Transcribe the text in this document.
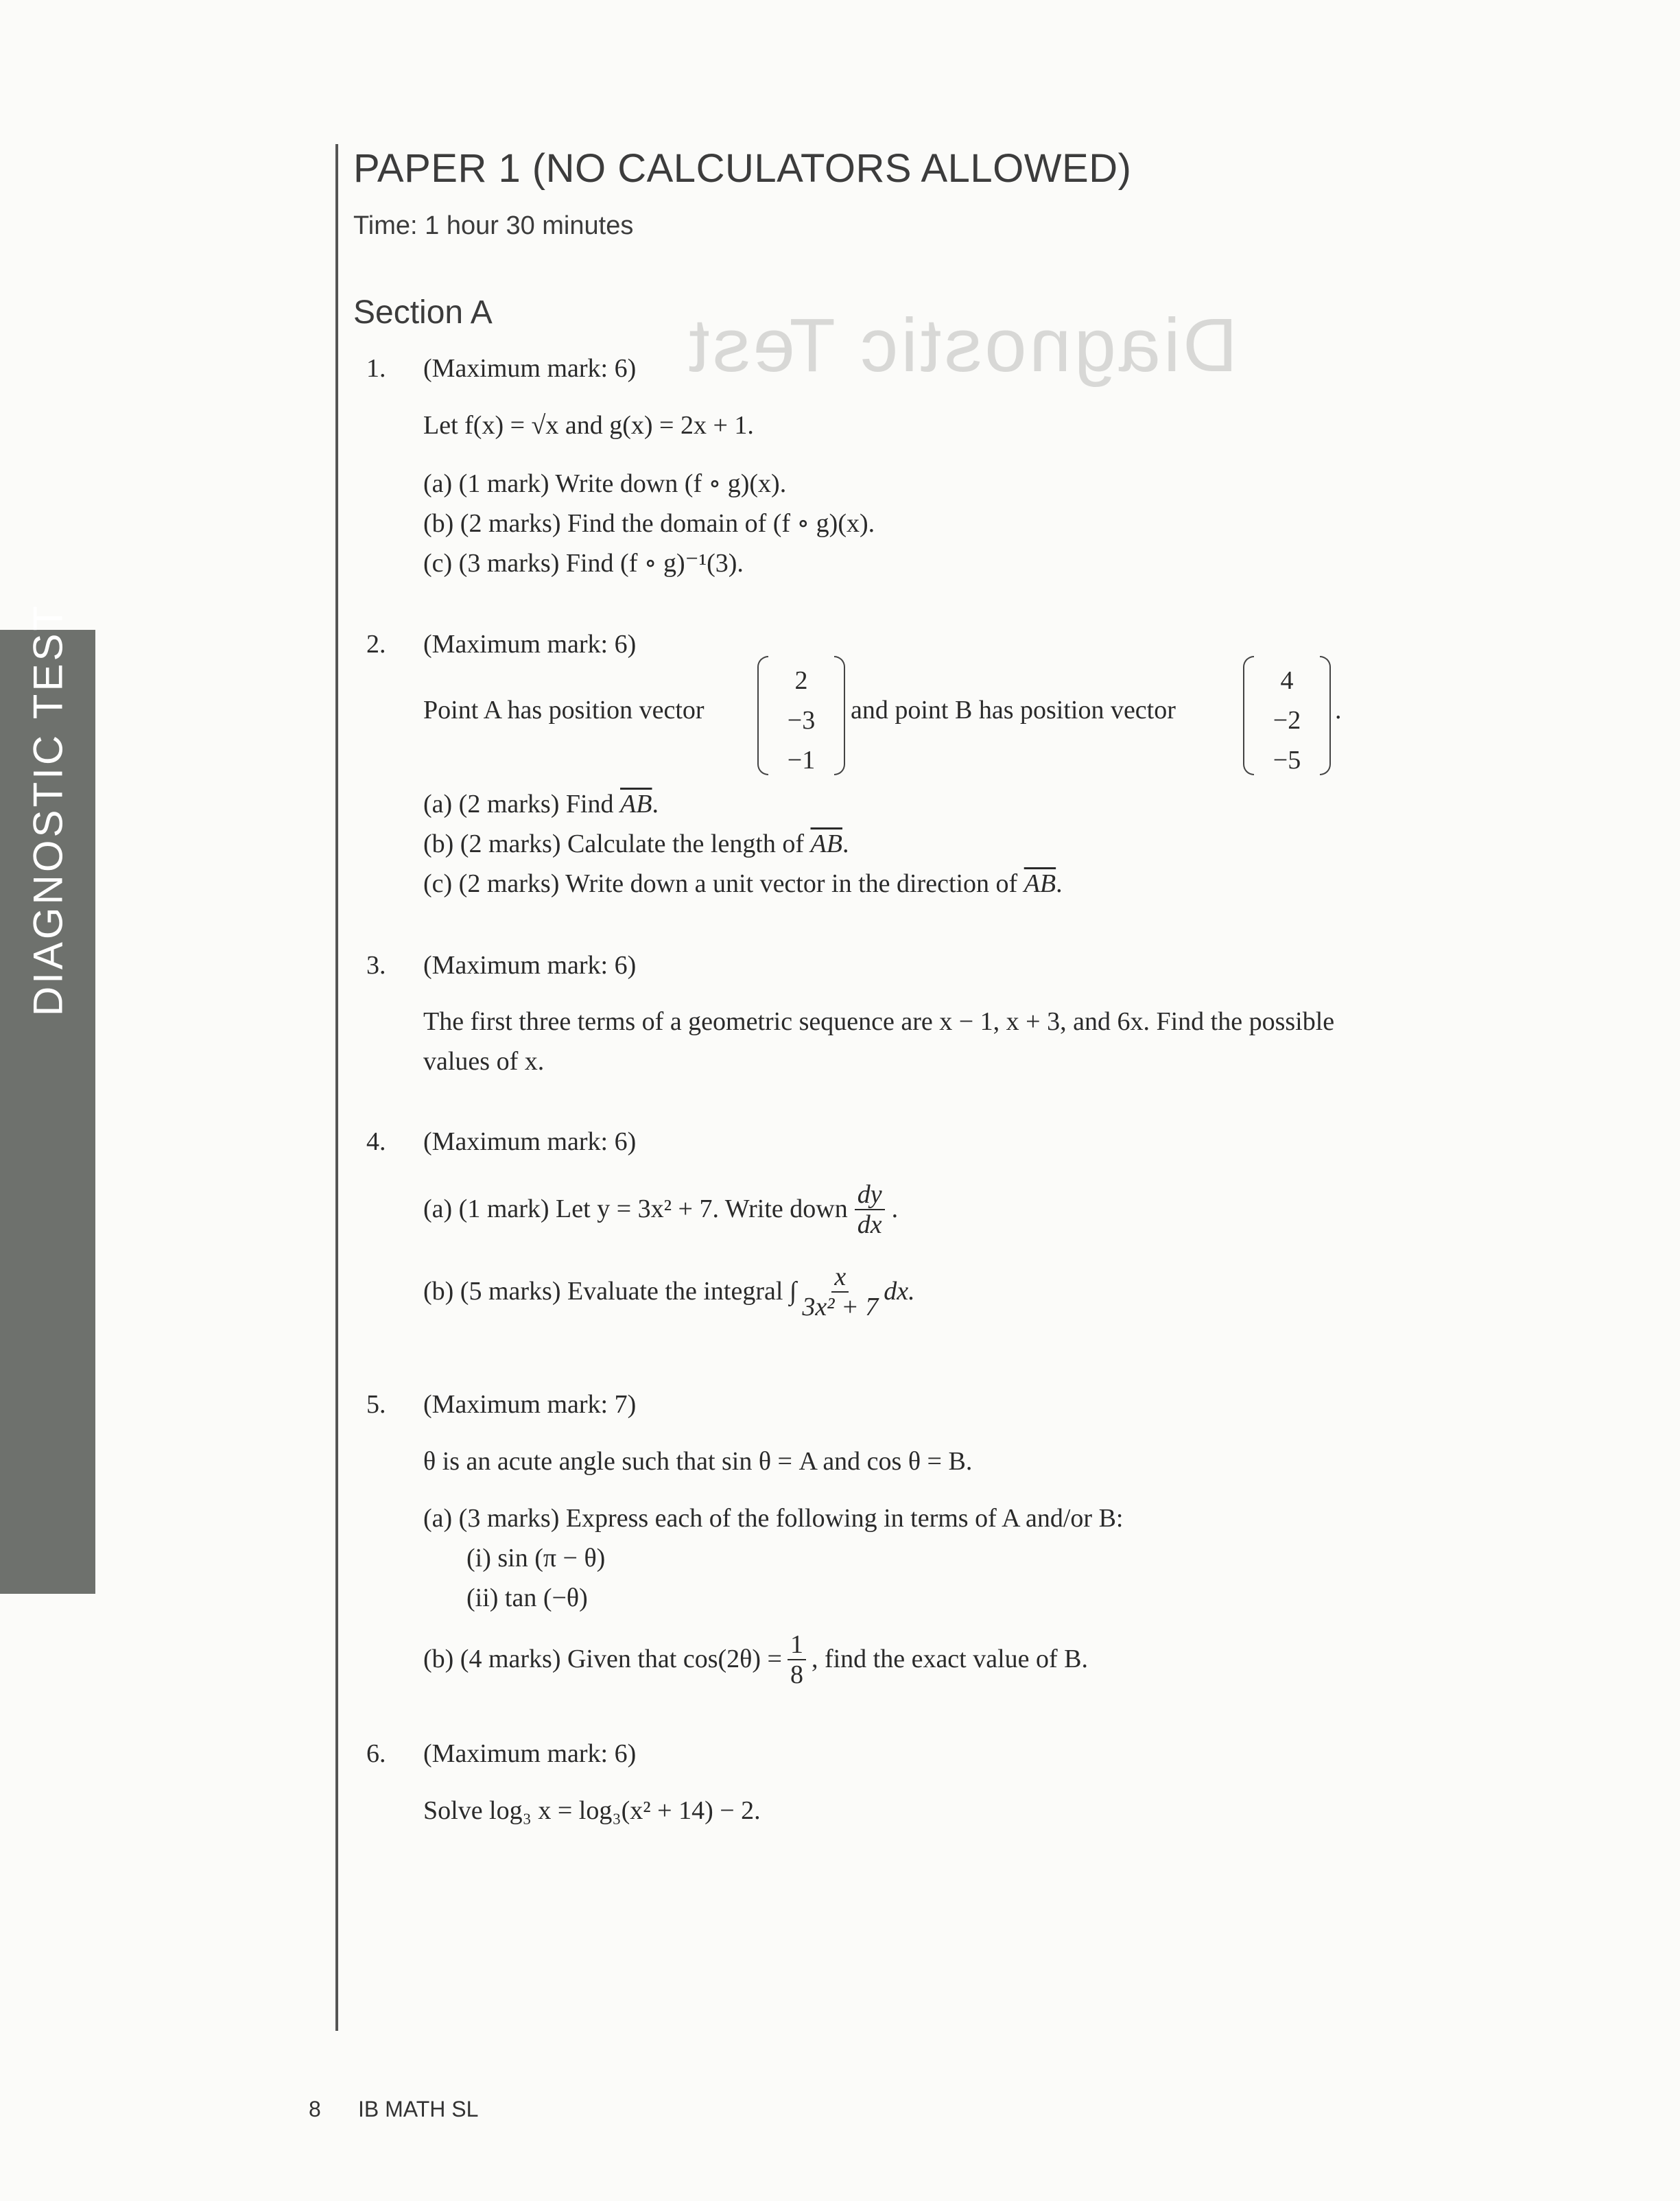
Diagnostic Test
DIAGNOSTIC TEST
PAPER 1 (NO CALCULATORS ALLOWED)
Time: 1 hour 30 minutes
Section A
1. (Maximum mark: 6)
Let f(x) = √x and g(x) = 2x + 1.
(a) (1 mark) Write down (f ∘ g)(x).
(b) (2 marks) Find the domain of (f ∘ g)(x).
(c) (3 marks) Find (f ∘ g)⁻¹(3).
2. (Maximum mark: 6)
Point A has position vector
2
−3
−1
and point B has position vector
4
−2
−5
.
(a) (2 marks) Find $\overline{AB}$.
(b) (2 marks) Calculate the length of $\overline{AB}$.
(c) (2 marks) Write down a unit vector in the direction of $\overline{AB}$.
3. (Maximum mark: 6)
The first three terms of a geometric sequence are x − 1, x + 3, and 6x. Find the possible
values of x.
4. (Maximum mark: 6)
(a) (1 mark) Let y = 3x² + 7. Write down $\frac{dy}{dx}$ .
(b) (5 marks) Evaluate the integral ∫ $\frac{x}{\text{3x² + 7}}$ dx.
5. (Maximum mark: 7)
θ is an acute angle such that sin θ = A and cos θ = B.
(a) (3 marks) Express each of the following in terms of A and/or B:
(i) sin (π − θ)
(ii) tan (−θ)
(b) (4 marks) Given that $\cos(2\theta) = \frac{1}{8}$ , find the exact value of B.
6. (Maximum mark: 6)
Solve log₃ x = log₃(x² + 14) − 2.
8 IB MATH SL
